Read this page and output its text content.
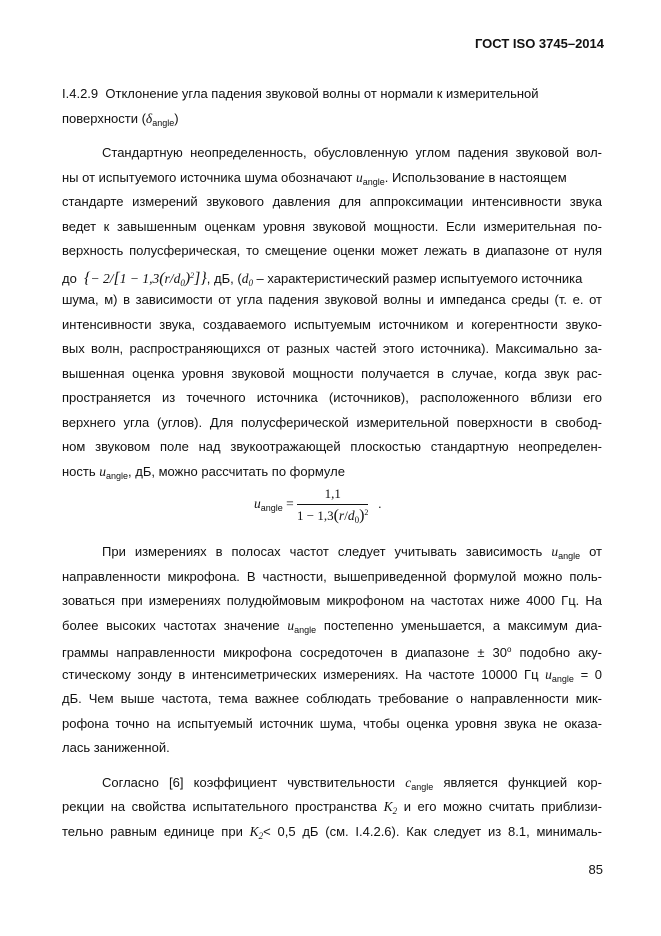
ГОСТ ISO 3745–2014
I.4.2.9 Отклонение угла падения звуковой волны от нормали к измерительной
поверхности $(\delta_{angle})$
Стандартную неопределенность, обусловленную углом падения звуковой вол-
ны от испытуемого источника шума обозначают $u_{angle}$. Использование в настоящем
стандарте измерений звукового давления для аппроксимации интенсивности звука
ведет к завышенным оценкам уровня звуковой мощности. Если измерительная по-
верхность полусферическая, то смещение оценки может лежать в диапазоне от нуля
до {− $2/[1 - 1,3(r/d_0)^2]$}, дБ, ($d_0$ – характеристический размер испытуемого источника
шума, м) в зависимости от угла падения звуковой волны и импеданса среды (т. е. от
интенсивности звука, создаваемого испытуемым источником и когерентности звуко-
вых волн, распространяющихся от разных частей этого источника). Максимально за-
вышенная оценка уровня звуковой мощности получается в случае, когда звук рас-
пространяется из точечного источника (источников), расположенного вблизи его
верхнего угла (углов). Для полусферической измерительной поверхности в свобод-
ном звуковом поле над звукоотражающей плоскостью стандартную неопределен-
ность $u_{angle}$, дБ, можно рассчитать по формуле
$u_{angle} = \frac{1,1}{1 - 1,3(r/d_0)^2}$ .
При измерениях в полосах частот следует учитывать зависимость $u_{angle}$ от
направленности микрофона. В частности, вышеприведенной формулой можно поль-
зоваться при измерениях полудюймовым микрофоном на частотах ниже 4000 Гц. На
более высоких частотах значение $u_{angle}$ постепенно уменьшается, а максимум диа-
граммы направленности микрофона сосредоточен в диапазоне ± $30^o$ подобно аку-
стическому зонду в интенсиметрических измерениях. На частоте 10000 Гц $u_{angle} = 0$
дБ. Чем выше частота, тема важнее соблюдать требование о направленности мик-
рофона точно на испытуемый источник шума, чтобы оценка уровня звука не оказа-
лась заниженной.
Согласно [6] коэффициент чувствительности $c_{angle}$ является функцией кор-
рекции на свойства испытательного пространства $K_2$ и его можно считать приблизи-
тельно равным единице при $K_2< 0,5$ дБ (см. I.4.2.6). Как следует из 8.1, минималь-
85
